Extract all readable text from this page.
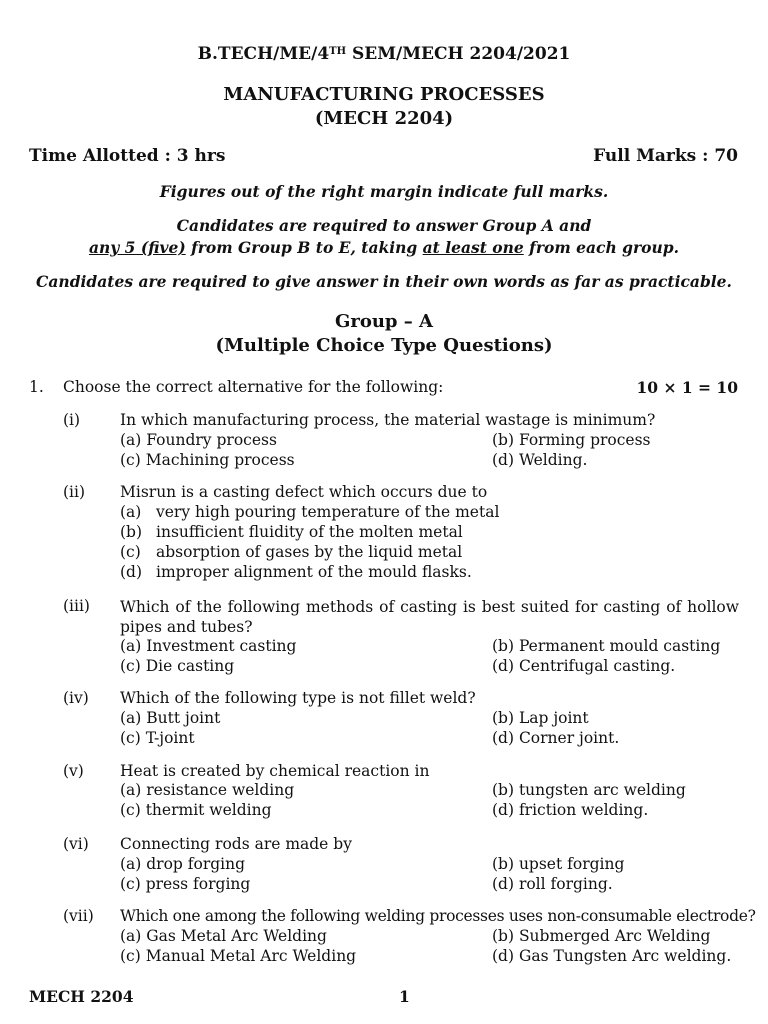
B.TECH/ME/4TH SEM/MECH 2204/2021
MANUFACTURING PROCESSES
(MECH 2204)
Time Allotted : 3 hrs	Full Marks : 70
Figures out of the right margin indicate full marks.
Candidates are required to answer Group A and
any 5 (five) from Group B to E, taking at least one from each group.
Candidates are required to give answer in their own words as far as practicable.
Group – A
(Multiple Choice Type Questions)
1. Choose the correct alternative for the following:	10 × 1 = 10
(i)	In which manufacturing process, the material wastage is minimum?
(a) Foundry process	(b) Forming process
(c) Machining process	(d) Welding.
(ii) Misrun is a casting defect which occurs due to
(a) very high pouring temperature of the metal
(b) insufficient fluidity of the molten metal
(c) absorption of gases by the liquid metal
(d) improper alignment of the mould flasks.
(iii) Which of the following methods of casting is best suited for casting of hollow pipes and tubes?
(a) Investment casting	(b) Permanent mould casting
(c) Die casting	(d) Centrifugal casting.
(iv) Which of the following type is not fillet weld?
(a) Butt joint	(b) Lap joint
(c) T-joint	(d) Corner joint.
(v) Heat is created by chemical reaction in
(a) resistance welding	(b) tungsten arc welding
(c) thermit welding	(d) friction welding.
(vi) Connecting rods are made by
(a) drop forging	(b) upset forging
(c) press forging	(d) roll forging.
(vii) Which one among the following welding processes uses non-consumable electrode?
(a) Gas Metal Arc Welding	(b) Submerged Arc Welding
(c) Manual Metal Arc Welding	(d) Gas Tungsten Arc welding.
MECH 2204	1
